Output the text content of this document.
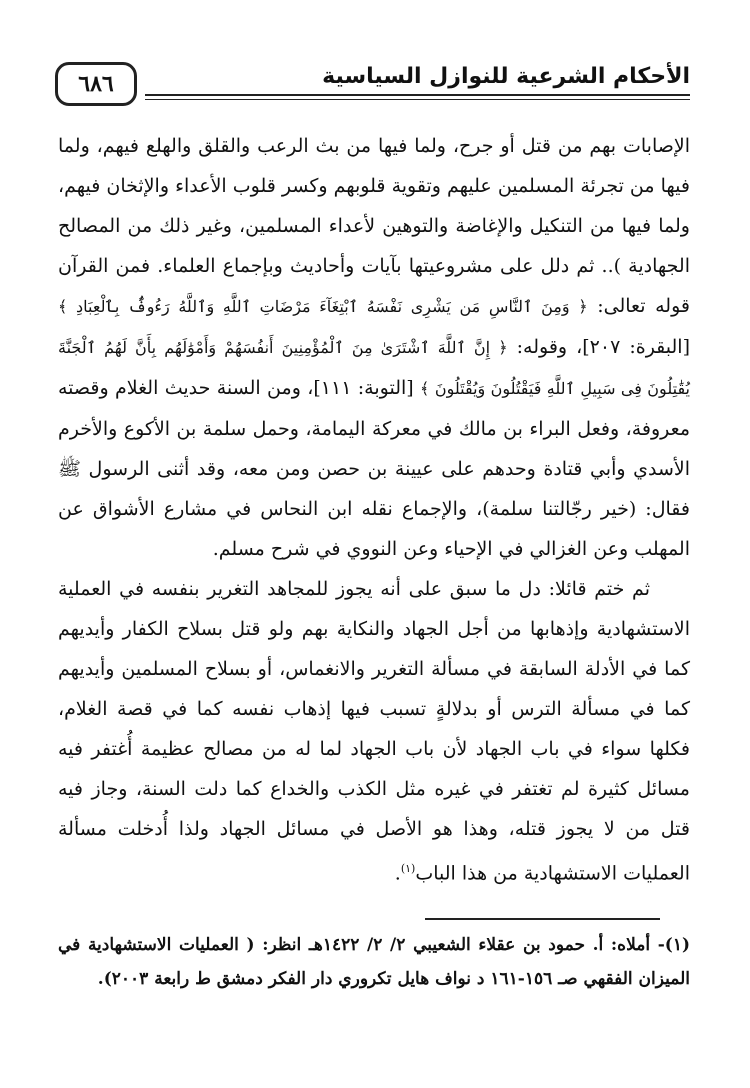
٦٨٦	الأحكام الشرعية للنوازل السياسية

الإصابات بهم من قتل أو جرح، ولما فيها من بث الرعب والقلق والهلع فيهم، ولما فيها من تجرئة المسلمين عليهم وتقوية قلوبهم وكسر قلوب الأعداء والإثخان فيهم، ولما فيها من التنكيل والإغاضة والتوهين لأعداء المسلمين، وغير ذلك من المصالح الجهادية ).. ثم دلل على مشروعيتها بآيات وأحاديث وبإجماع العلماء. فمن القرآن قوله تعالى: ﴿ وَمِنَ ٱلنَّاسِ مَن يَشْرِى نَفْسَهُ ٱبْتِغَآءَ مَرْضَاتِ ٱللَّهِ وَٱللَّهُ رَءُوفٌۢ بِٱلْعِبَادِ ﴾ [البقرة: ٢٠٧]، وقوله: ﴿ إِنَّ ٱللَّهَ ٱشْتَرَىٰ مِنَ ٱلْمُؤْمِنِينَ أَنفُسَهُمْ وَأَمْوَٰلَهُم بِأَنَّ لَهُمُ ٱلْجَنَّةَ يُقَٰتِلُونَ فِى سَبِيلِ ٱللَّهِ فَيَقْتُلُونَ وَيُقْتَلُونَ ﴾ [التوبة: ١١١]، ومن السنة حديث الغلام وقصته معروفة، وفعل البراء بن مالك في معركة اليمامة، وحمل سلمة بن الأكوع والأخرم الأسدي وأبي قتادة وحدهم على عيينة بن حصن ومن معه، وقد أثنى الرسول ﷺ فقال: (خير رجّالتنا سلمة)، والإجماع نقله ابن النحاس في مشارع الأشواق عن المهلب وعن الغزالي في الإحياء وعن النووي في شرح مسلم.

ثم ختم قائلا: دل ما سبق على أنه يجوز للمجاهد التغرير بنفسه في العملية الاستشهادية وإذهابها من أجل الجهاد والنكاية بهم ولو قتل بسلاح الكفار وأيديهم كما في الأدلة السابقة في مسألة التغرير والانغماس، أو بسلاح المسلمين وأيديهم كما في مسألة الترس أو بدلالةٍ تسبب فيها إذهاب نفسه كما في قصة الغلام، فكلها سواء في باب الجهاد لأن باب الجهاد لما له من مصالح عظيمة أُغتفر فيه مسائل كثيرة لم تغتفر في غيره مثل الكذب والخداع كما دلت السنة، وجاز فيه قتل من لا يجوز قتله، وهذا هو الأصل في مسائل الجهاد ولذا أُدخلت مسألة العمليات الاستشهادية من هذا الباب$^{(١)}$.

(١)- أملاه: أ. حمود بن عقلاء الشعيبي ٢/ ٢/ ١٤٢٢هـ انظر: ( العمليات الاستشهادية في الميزان الفقهي صـ ١٥٦-١٦١ د نواف هايل تكروري دار الفكر دمشق ط رابعة ٢٠٠٣).
